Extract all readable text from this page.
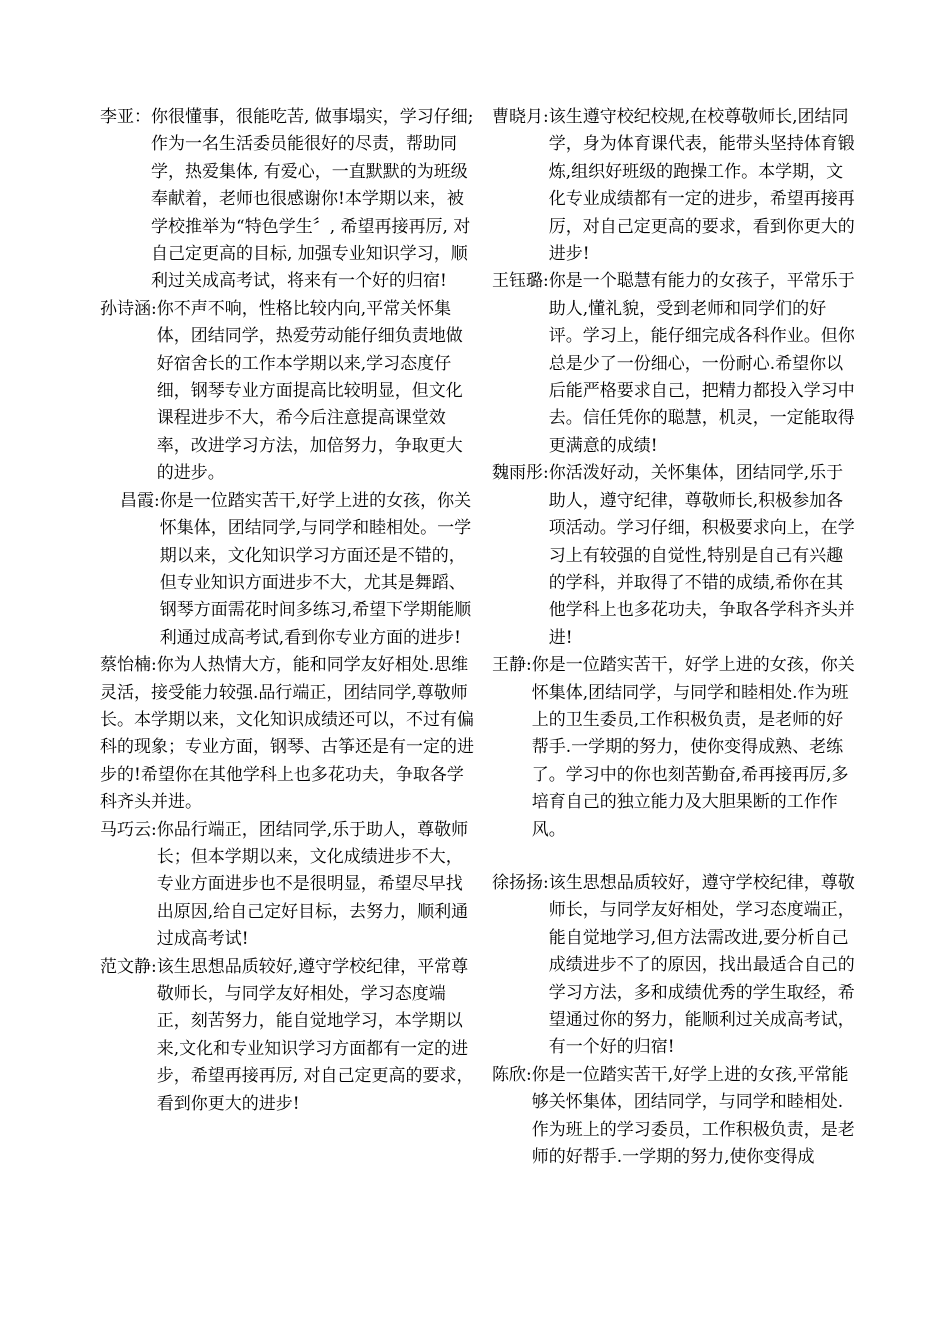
李亚： 你很懂事，很能吃苦, 做事塌实，学习仔细;作为一名生活委员能很好的尽责，帮助同学，热爱集体, 有爱心，一直默默的为班级奉献着，老师也很感谢你!本学期以来，被学校推举为“特色学生〞, 希望再接再厉, 对自己定更高的目标, 加强专业知识学习，顺利过关成高考试，将来有一个好的归宿!
孙诗涵: 你不声不响，性格比较内向,平常关怀集体，团结同学，热爱劳动能仔细负责地做好宿舍长的工作本学期以来,学习态度仔细，钢琴专业方面提高比较明显，但文化课程进步不大，希今后注意提高课堂效率，改进学习方法，加倍努力，争取更大的进步。
昌霞: 你是一位踏实苦干,好学上进的女孩，你关怀集体，团结同学,与同学和睦相处。一学期以来，文化知识学习方面还是不错的，但专业知识方面进步不大，尤其是舞蹈、钢琴方面需花时间多练习,希望下学期能顺利通过成高考试,看到你专业方面的进步!
蔡怡楠:你为人热情大方，能和同学友好相处.思维灵活，接受能力较强.品行端正，团结同学,尊敬师长。本学期以来，文化知识成绩还可以，不过有偏科的现象；专业方面，钢琴、古筝还是有一定的进步的!希望你在其他学科上也多花功夫，争取各学科齐头并进。
马巧云: 你品行端正，团结同学,乐于助人，尊敬师长；但本学期以来，文化成绩进步不大，专业方面进步也不是很明显，希望尽早找出原因,给自己定好目标，去努力，顺利通过成高考试!
范文静: 该生思想品质较好,遵守学校纪律，平常尊敬师长，与同学友好相处，学习态度端正，刻苦努力，能自觉地学习，本学期以来,文化和专业知识学习方面都有一定的进步，希望再接再厉, 对自己定更高的要求，看到你更大的进步!
曹晓月: 该生遵守校纪校规,在校尊敬师长,团结同学，身为体育课代表，能带头坚持体育锻炼,组织好班级的跑操工作。本学期，文化专业成绩都有一定的进步，希望再接再厉，对自己定更高的要求，看到你更大的进步!
王钰璐: 你是一个聪慧有能力的女孩子，平常乐于助人,懂礼貌，受到老师和同学们的好评。学习上，能仔细完成各科作业。但你总是少了一份细心，一份耐心.希望你以后能严格要求自己，把精力都投入学习中去。信任凭你的聪慧，机灵，一定能取得更满意的成绩!
魏雨彤: 你活泼好动，关怀集体，团结同学,乐于助人，遵守纪律，尊敬师长,积极参加各项活动。学习仔细，积极要求向上，在学习上有较强的自觉性,特别是自己有兴趣的学科，并取得了不错的成绩,希你在其他学科上也多花功夫，争取各学科齐头并进!
王静: 你是一位踏实苦干，好学上进的女孩，你关怀集体,团结同学，与同学和睦相处.作为班上的卫生委员,工作积极负责，是老师的好帮手.一学期的努力，使你变得成熟、老练了。学习中的你也刻苦勤奋,希再接再厉,多培育自己的独立能力及大胆果断的工作作风。
徐扬扬: 该生思想品质较好，遵守学校纪律，尊敬师长，与同学友好相处，学习态度端正，能自觉地学习,但方法需改进,要分析自己成绩进步不了的原因，找出最适合自己的学习方法，多和成绩优秀的学生取经，希望通过你的努力，能顺利过关成高考试，有一个好的归宿!
陈欣: 你是一位踏实苦干,好学上进的女孩,平常能够关怀集体，团结同学，与同学和睦相处.作为班上的学习委员，工作积极负责，是老师的好帮手.一学期的努力,使你变得成
